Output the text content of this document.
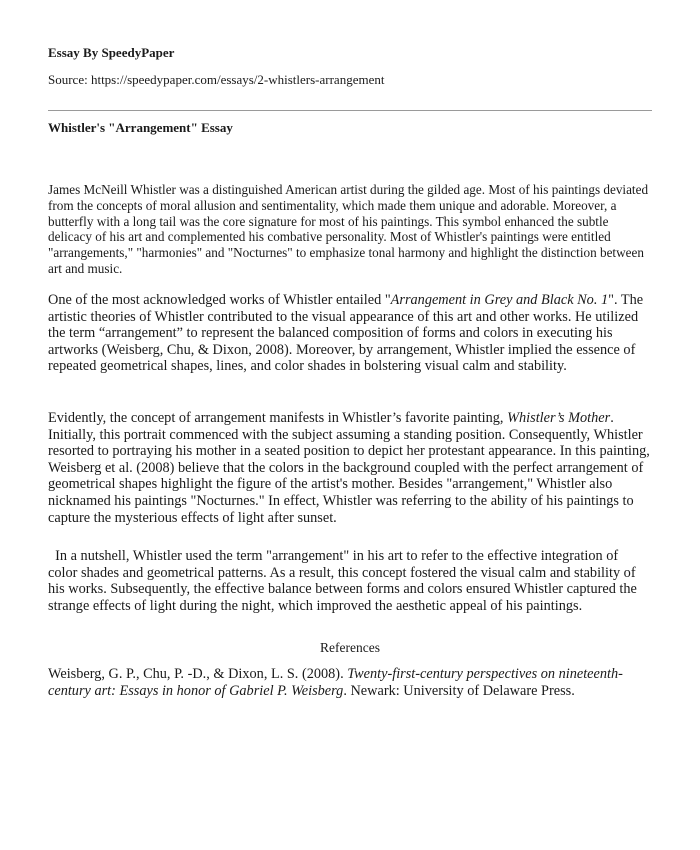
Essay By SpeedyPaper

Source: https://speedypaper.com/essays/2-whistlers-arrangement

Whistler's "Arrangement" Essay

James McNeill Whistler was a distinguished American artist during the gilded age. Most of his paintings deviated from the concepts of moral allusion and sentimentality, which made them unique and adorable. Moreover, a butterfly with a long tail was the core signature for most of his paintings. This symbol enhanced the subtle delicacy of his art and complemented his combative personality. Most of Whistler's paintings were entitled "arrangements," "harmonies" and "Nocturnes" to emphasize tonal harmony and highlight the distinction between art and music.

One of the most acknowledged works of Whistler entailed "Arrangement in Grey and Black No. 1". The artistic theories of Whistler contributed to the visual appearance of this art and other works. He utilized the term “arrangement” to represent the balanced composition of forms and colors in executing his artworks (Weisberg, Chu, & Dixon, 2008). Moreover, by arrangement, Whistler implied the essence of repeated geometrical shapes, lines, and color shades in bolstering visual calm and stability.

Evidently, the concept of arrangement manifests in Whistler’s favorite painting, Whistler’s Mother. Initially, this portrait commenced with the subject assuming a standing position. Consequently, Whistler resorted to portraying his mother in a seated position to depict her protestant appearance. In this painting, Weisberg et al. (2008) believe that the colors in the background coupled with the perfect arrangement of geometrical shapes highlight the figure of the artist's mother. Besides "arrangement," Whistler also nicknamed his paintings "Nocturnes." In effect, Whistler was referring to the ability of his paintings to capture the mysterious effects of light after sunset.

In a nutshell, Whistler used the term "arrangement" in his art to refer to the effective integration of color shades and geometrical patterns. As a result, this concept fostered the visual calm and stability of his works. Subsequently, the effective balance between forms and colors ensured Whistler captured the strange effects of light during the night, which improved the aesthetic appeal of his paintings.

References

Weisberg, G. P., Chu, P. -D., & Dixon, L. S. (2008). Twenty-first-century perspectives on nineteenth-century art: Essays in honor of Gabriel P. Weisberg. Newark: University of Delaware Press.
